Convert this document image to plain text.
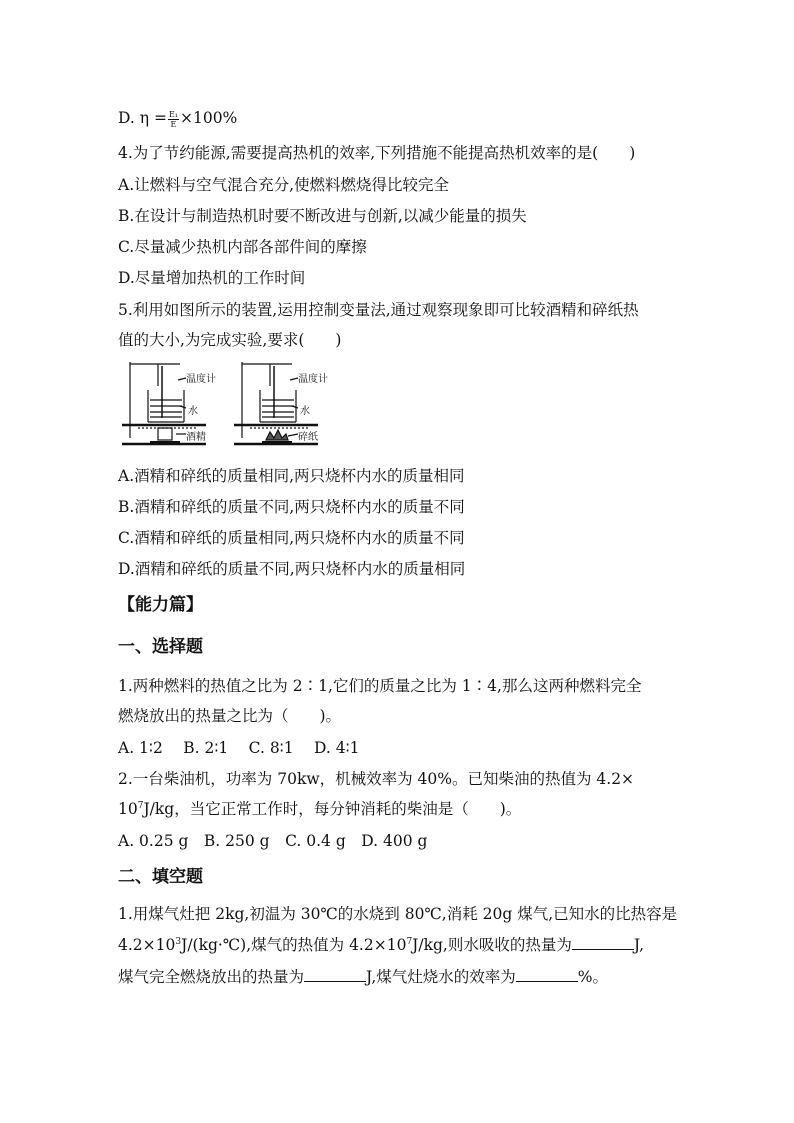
D. $\eta = \frac{\text{E₁}}{E} \times 100\%$
4.为了节约能源,需要提高热机的效率,下列措施不能提高热机效率的是(　　)
A.让燃料与空气混合充分,使燃料燃烧得比较完全
B.在设计与制造热机时要不断改进与创新,以减少能量的损失
C.尽量减少热机内部各部件间的摩擦
D.尽量增加热机的工作时间
5.利用如图所示的装置,运用控制变量法,通过观察现象即可比较酒精和碎纸热
值的大小,为完成实验,要求(　　)
温度计
水
酒精
温度计
水
碎纸
A.酒精和碎纸的质量相同,两只烧杯内水的质量相同
B.酒精和碎纸的质量不同,两只烧杯内水的质量不同
C.酒精和碎纸的质量相同,两只烧杯内水的质量不同
D.酒精和碎纸的质量不同,两只烧杯内水的质量相同
【能力篇】
一、选择题
1.两种燃料的热值之比为 2∶1,它们的质量之比为 1∶4,那么这两种燃料完全
燃烧放出的热量之比为（　　)。
A. 1∶2　 B. 2∶1　 C. 8∶1　 D. 4∶1
2.一台柴油机，功率为 70kw，机械效率为 40%。已知柴油的热值为 4.2×
$10^7J/kg$，当它正常工作时，每分钟消耗的柴油是（　　)。
A. 0.25 g　B. 250 g　C. 0.4 g　D. 400 g
二、填空题
1.用煤气灶把 2kg,初温为 30℃的水烧到 80℃,消耗 20g 煤气,已知水的比热容是
$4.2\times 10^3J/(kg\cdot℃)$,煤气的热值为 $4.2\times 10^7J/kg$,则水吸收的热量为	J,
煤气完全燃烧放出的热量为	J,煤气灶烧水的效率为	%。
